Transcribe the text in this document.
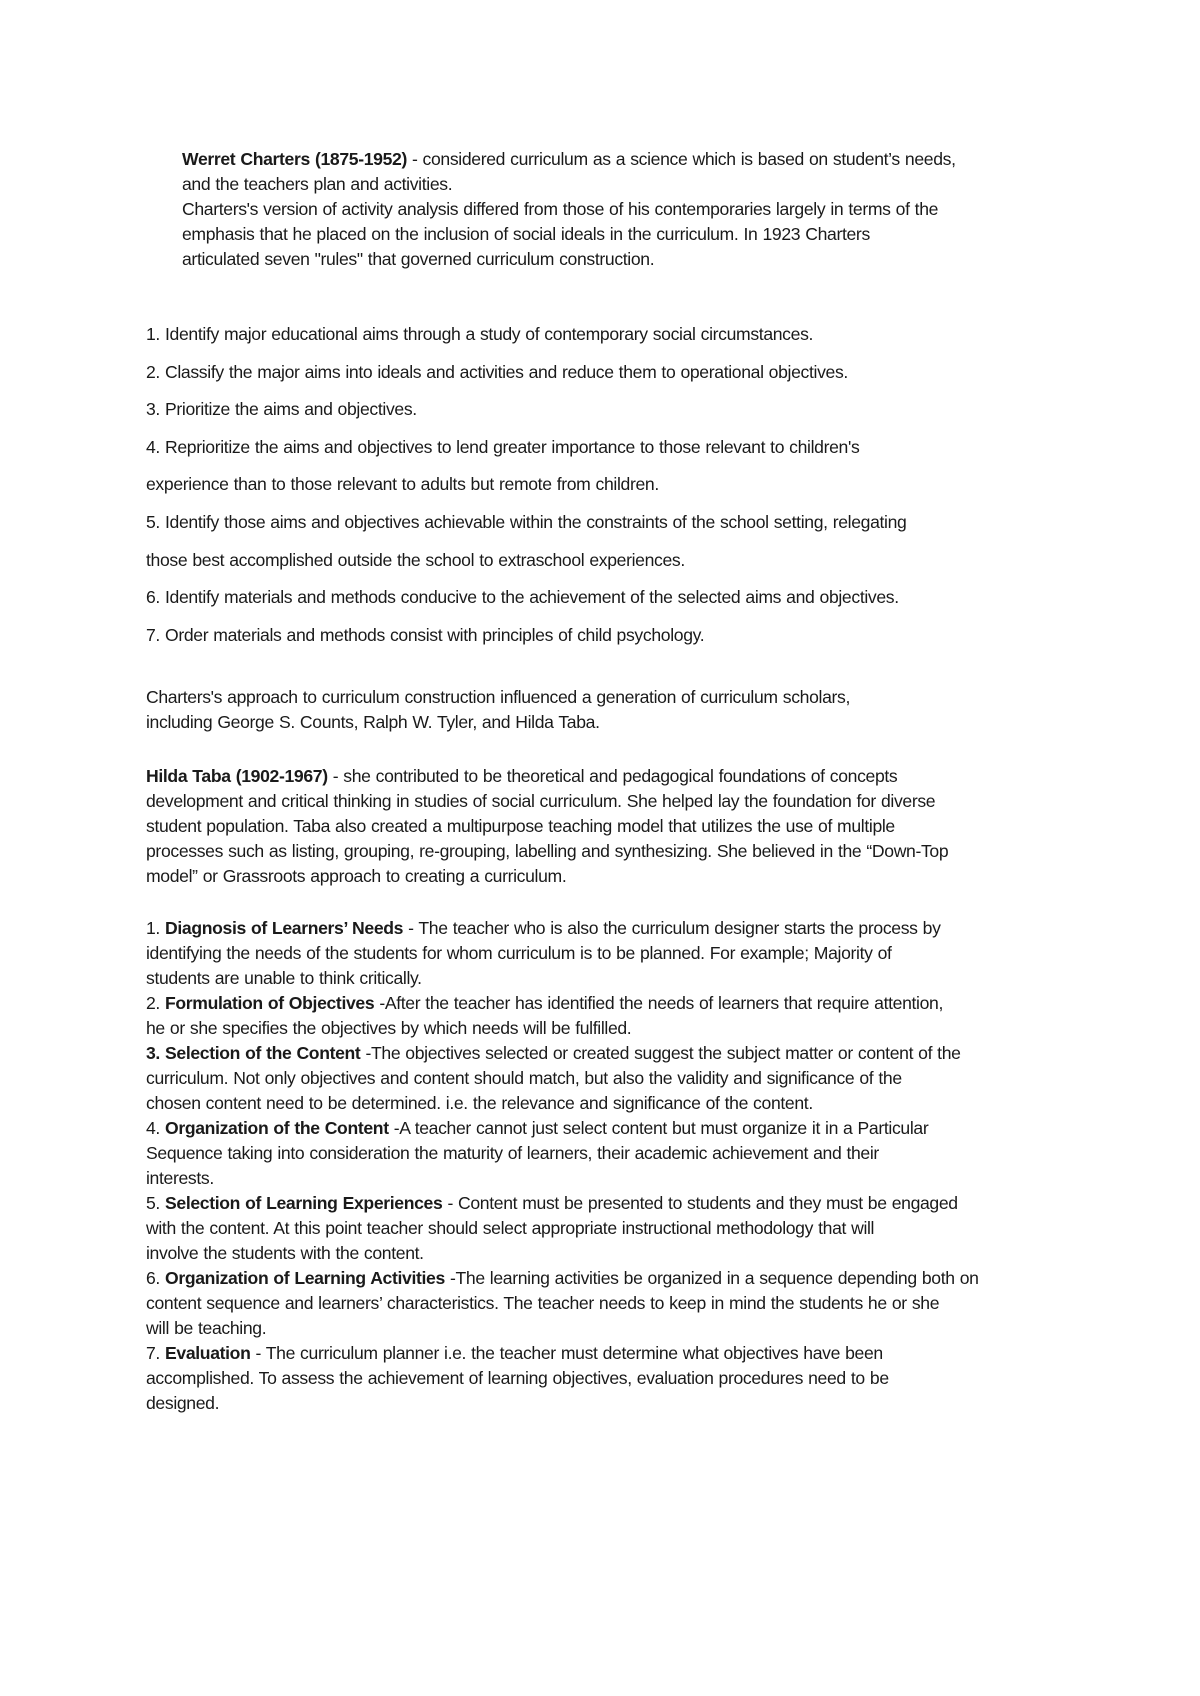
Werret Charters (1875-1952) - considered curriculum as a science which is based on student’s needs,

and the teachers plan and activities.

Charters's version of activity analysis differed from those of his contemporaries largely in terms of the

emphasis that he placed on the inclusion of social ideals in the curriculum. In 1923 Charters

articulated seven "rules" that governed curriculum construction.

1. Identify major educational aims through a study of contemporary social circumstances.

2. Classify the major aims into ideals and activities and reduce them to operational objectives.

3. Prioritize the aims and objectives.

4. Reprioritize the aims and objectives to lend greater importance to those relevant to children's

experience than to those relevant to adults but remote from children.

5. Identify those aims and objectives achievable within the constraints of the school setting, relegating

those best accomplished outside the school to extraschool experiences.

6. Identify materials and methods conducive to the achievement of the selected aims and objectives.

7. Order materials and methods consist with principles of child psychology.

Charters's approach to curriculum construction influenced a generation of curriculum scholars,

including George S. Counts, Ralph W. Tyler, and Hilda Taba.

Hilda Taba (1902-1967) - she contributed to be theoretical and pedagogical foundations of concepts

development and critical thinking in studies of social curriculum. She helped lay the foundation for diverse

student population. Taba also created a multipurpose teaching model that utilizes the use of multiple

processes such as listing, grouping, re-grouping, labelling and synthesizing. She believed in the “Down-Top

model” or Grassroots approach to creating a curriculum.

1. Diagnosis of Learners’ Needs - The teacher who is also the curriculum designer starts the process by

identifying the needs of the students for whom curriculum is to be planned. For example; Majority of

students are unable to think critically.

2. Formulation of Objectives -After the teacher has identified the needs of learners that require attention,

he or she specifies the objectives by which needs will be fulfilled.

3. Selection of the Content -The objectives selected or created suggest the subject matter or content of the

curriculum. Not only objectives and content should match, but also the validity and significance of the

chosen content need to be determined. i.e. the relevance and significance of the content.

4. Organization of the Content -A teacher cannot just select content but must organize it in a Particular

Sequence taking into consideration the maturity of learners, their academic achievement and their

interests.

5. Selection of Learning Experiences - Content must be presented to students and they must be engaged

with the content. At this point teacher should select appropriate instructional methodology that will

involve the students with the content.

6. Organization of Learning Activities -The learning activities be organized in a sequence depending both on

content sequence and learners’ characteristics. The teacher needs to keep in mind the students he or she

will be teaching.

7. Evaluation - The curriculum planner i.e. the teacher must determine what objectives have been

accomplished. To assess the achievement of learning objectives, evaluation procedures need to be

designed.
